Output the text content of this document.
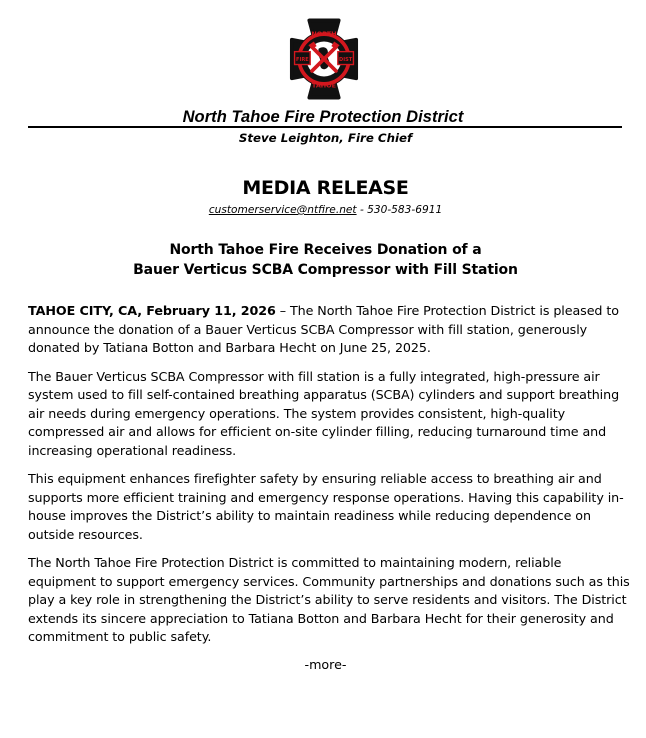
NORTH
FIRE	DIST
TAHOE
North Tahoe Fire Protection District
Steve Leighton, Fire Chief
MEDIA RELEASE
customerservice@ntfire.net - 530-583-6911
North Tahoe Fire Receives Donation of a
Bauer Verticus SCBA Compressor with Fill Station
TAHOE CITY, CA, February 11, 2026 – The North Tahoe Fire Protection District is pleased to
announce the donation of a Bauer Verticus SCBA Compressor with fill station, generously
donated by Tatiana Botton and Barbara Hecht on June 25, 2025.
The Bauer Verticus SCBA Compressor with fill station is a fully integrated, high-pressure air
system used to fill self-contained breathing apparatus (SCBA) cylinders and support breathing
air needs during emergency operations. The system provides consistent, high-quality
compressed air and allows for efficient on-site cylinder filling, reducing turnaround time and
increasing operational readiness.
This equipment enhances firefighter safety by ensuring reliable access to breathing air and
supports more efficient training and emergency response operations. Having this capability in-
house improves the District’s ability to maintain readiness while reducing dependence on
outside resources.
The North Tahoe Fire Protection District is committed to maintaining modern, reliable
equipment to support emergency services. Community partnerships and donations such as this
play a key role in strengthening the District’s ability to serve residents and visitors. The District
extends its sincere appreciation to Tatiana Botton and Barbara Hecht for their generosity and
commitment to public safety.
-more-
